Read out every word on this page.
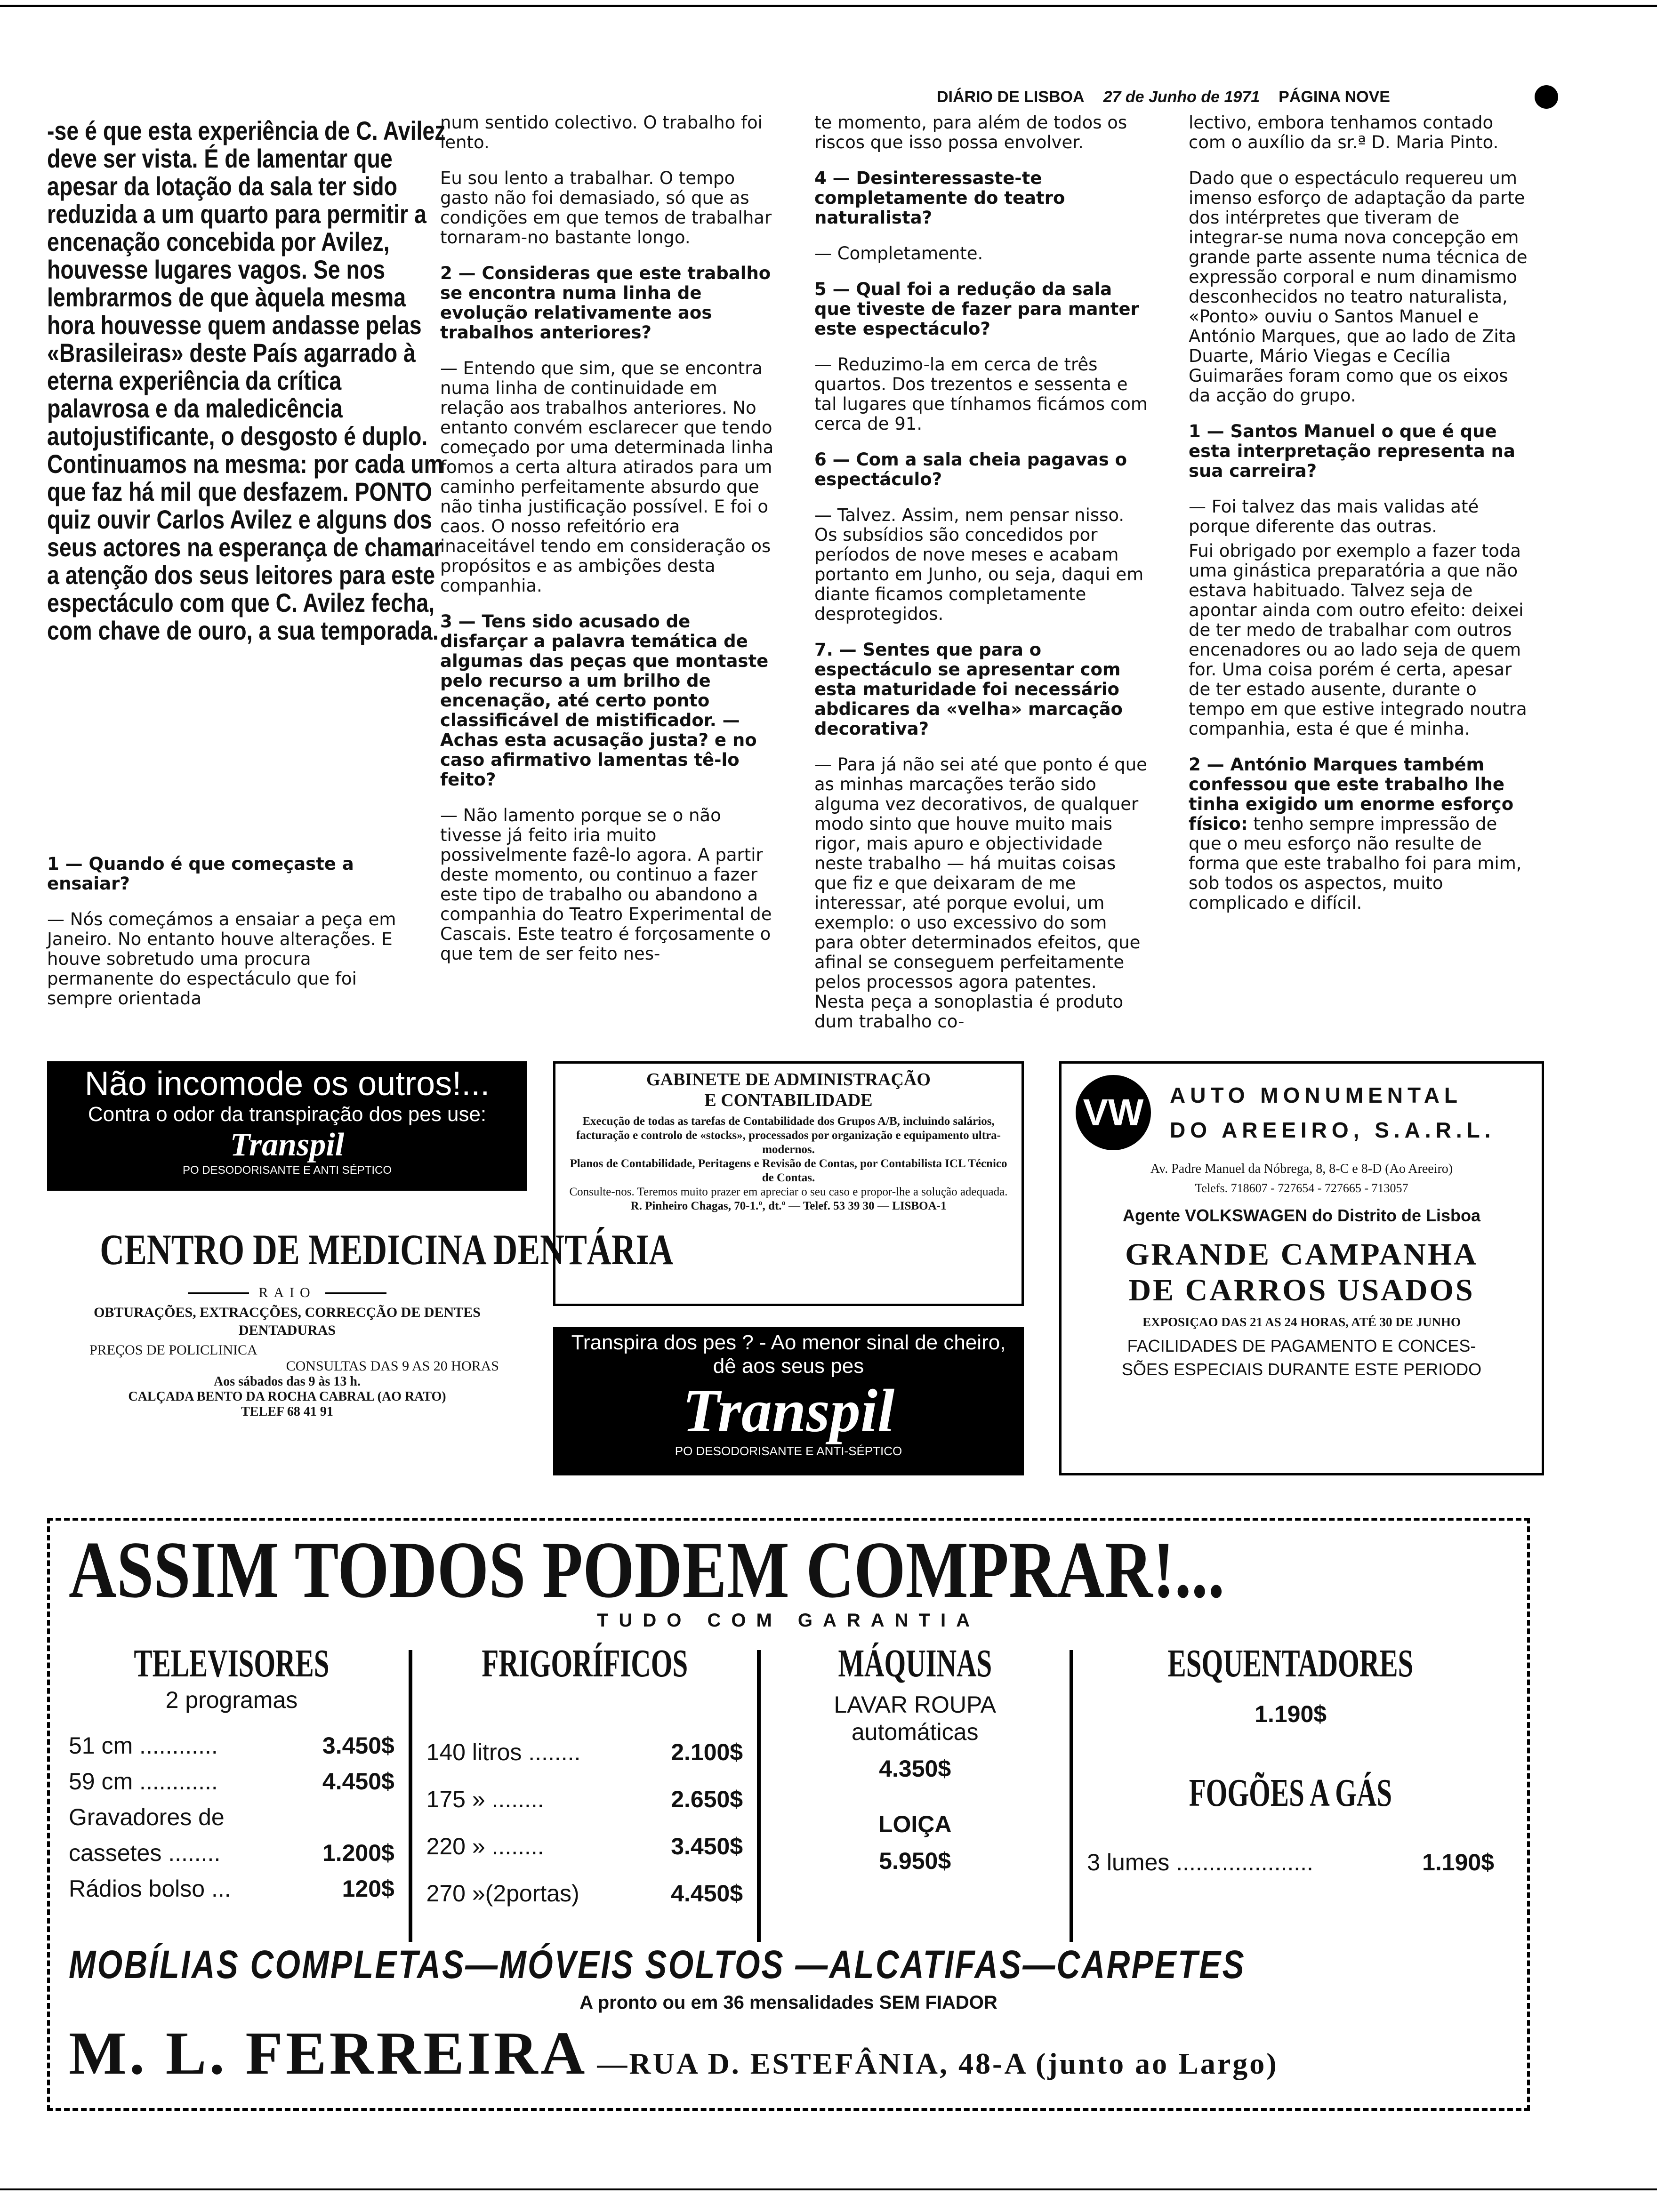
DIÁRIO DE LISBOA 27 de Junho de 1971 PÁGINA NOVE

-se é que esta experiência de C. Avilez deve ser vista. É de lamentar que apesar da lotação da sala ter sido reduzida a um quarto para permitir a encenação concebida por Avilez, houvesse lugares vagos. Se nos lembrarmos de que àquela mesma hora houvesse quem andasse pelas «Brasileiras» deste País agarrado à eterna experiência da crítica palavrosa e da maledicência autojustificante, o desgosto é duplo. Continuamos na mesma: por cada um que faz há mil que desfazem. PONTO quiz ouvir Carlos Avilez e alguns dos seus actores na esperança de chamar a atenção dos seus leitores para este espectáculo com que C. Avilez fecha, com chave de ouro, a sua temporada.

1 — Quando é que começaste a ensaiar?

— Nós começámos a ensaiar a peça em Janeiro. No entanto houve alterações. E houve sobretudo uma procura permanente do espectáculo que foi sempre orientada

num sentido colectivo. O trabalho foi lento.

Eu sou lento a trabalhar. O tempo gasto não foi demasiado, só que as condições em que temos de trabalhar tornaram-no bastante longo.

2 — Consideras que este trabalho se encontra numa linha de evolução relativamente aos trabalhos anteriores?

— Entendo que sim, que se encontra numa linha de continuidade em relação aos trabalhos anteriores. No entanto convém esclarecer que tendo começado por uma determinada linha fomos a certa altura atirados para um caminho perfeitamente absurdo que não tinha justificação possível. E foi o caos. O nosso refeitório era inaceitável tendo em consideração os propósitos e as ambições desta companhia.

3 — Tens sido acusado de disfarçar a palavra temática de algumas das peças que montaste pelo recurso a um brilho de encenação, até certo ponto classificável de mistificador. — Achas esta acusação justa? e no caso afirmativo lamentas tê-lo feito?

— Não lamento porque se o não tivesse já feito iria muito possivelmente fazê-lo agora. A partir deste momento, ou continuo a fazer este tipo de trabalho ou abandono a companhia do Teatro Experimental de Cascais. Este teatro é forçosamente o que tem de ser feito nes-

te momento, para além de todos os riscos que isso possa envolver.

4 — Desinteressaste-te completamente do teatro naturalista?

— Completamente.

5 — Qual foi a redução da sala que tiveste de fazer para manter este espectáculo?

— Reduzimo-la em cerca de três quartos. Dos trezentos e sessenta e tal lugares que tínhamos ficámos com cerca de 91.

6 — Com a sala cheia pagavas o espectáculo?

— Talvez. Assim, nem pensar nisso. Os subsídios são concedidos por períodos de nove meses e acabam portanto em Junho, ou seja, daqui em diante ficamos completamente desprotegidos.

7. — Sentes que para o espectáculo se apresentar com esta maturidade foi necessário abdicares da «velha» marcação decorativa?

— Para já não sei até que ponto é que as minhas marcações terão sido alguma vez decorativos, de qualquer modo sinto que houve muito mais rigor, mais apuro e objectividade neste trabalho — há muitas coisas que fiz e que deixaram de me interessar, até porque evolui, um exemplo: o uso excessivo do som para obter determinados efeitos, que afinal se conseguem perfeitamente pelos processos agora patentes. Nesta peça a sonoplastia é produto dum trabalho co-

lectivo, embora tenhamos contado com o auxílio da sr.ª D. Maria Pinto.

Dado que o espectáculo requereu um imenso esforço de adaptação da parte dos intérpretes que tiveram de integrar-se numa nova concepção em grande parte assente numa técnica de expressão corporal e num dinamismo desconhecidos no teatro naturalista, «Ponto» ouviu o Santos Manuel e António Marques, que ao lado de Zita Duarte, Mário Viegas e Cecília Guimarães foram como que os eixos da acção do grupo.

1 — Santos Manuel o que é que esta interpretação representa na sua carreira?

— Foi talvez das mais validas até porque diferente das outras.

Fui obrigado por exemplo a fazer toda uma ginástica preparatória a que não estava habituado. Talvez seja de apontar ainda com outro efeito: deixei de ter medo de trabalhar com outros encenadores ou ao lado seja de quem for. Uma coisa porém é certa, apesar de ter estado ausente, durante o tempo em que estive integrado noutra companhia, esta é que é minha.

2 — António Marques também confessou que este trabalho lhe tinha exigido um enorme esforço físico: tenho sempre impressão de que o meu esforço não resulte de forma que este trabalho foi para mim, sob todos os aspectos, muito complicado e difícil.

Não incomode os outros!...
Contra o odor da transpiração dos pes use:
Transpil
PO DESODORISANTE E ANTI SÉPTICO
CENTRO DE MEDICINA DENTÁRIA
RAIO
OBTURAÇÕES, EXTRACÇÕES, CORRECÇÃO DE DENTES DENTADURAS
PREÇOS DE POLICLINICA
CONSULTAS DAS 9 AS 20 HORAS
Aos sábados das 9 às 13 h.
CALÇADA BENTO DA ROCHA CABRAL (AO RATO)
TELEF 68 41 91
GABINETE DE ADMINISTRAÇÃO
E CONTABILIDADE
Execução de todas as tarefas de Contabilidade dos Grupos A/B, incluindo salários, facturação e controlo de «stocks», processados por organização e equipamento ultra-modernos.
Planos de Contabilidade, Peritagens e Revisão de Contas, por Contabilista ICL Técnico de Contas.
Consulte-nos. Teremos muito prazer em apreciar o seu caso e propor-lhe a solução adequada.
R. Pinheiro Chagas, 70-1.º, dt.º — Telef. 53 39 30 — LISBOA-1
Transpira dos pes ? - Ao menor sinal de cheiro, dê aos seus pes
Transpil
PO DESODORISANTE E ANTI-SÉPTICO
VW AUTO MONUMENTAL
DO AREEIRO, S.A.R.L.
Av. Padre Manuel da Nóbrega, 8, 8-C e 8-D (Ao Areeiro)
Telefs. 718607 - 727654 - 727665 - 713057
Agente VOLKSWAGEN do Distrito de Lisboa
GRANDE CAMPANHA
DE CARROS USADOS
EXPOSIÇAO DAS 21 AS 24 HORAS, ATÉ 30 DE JUNHO
FACILIDADES DE PAGAMENTO E CONCES-
SÕES ESPECIAIS DURANTE ESTE PERIODO
ASSIM TODOS PODEM COMPRAR!...
TUDO COM GARANTIA
TELEVISORES
2 programas
51 cm ............	3.450$
59 cm ............	4.450$
Gravadores de
cassetes ........	1.200$
Rádios bolso ...	120$
FRIGORÍFICOS
140 litros ........	2.100$
175 » ........	2.650$
220 » ........	3.450$
270 »(2portas)	4.450$
MÁQUINAS
LAVAR ROUPA
automáticas
4.350$
LOIÇA
5.950$
ESQUENTADORES
1.190$
FOGÕES A GÁS
3 lumes .....................	1.190$
MOBÍLIAS COMPLETAS—MÓVEIS SOLTOS —ALCATIFAS—CARPETES
A pronto ou em 36 mensalidades SEM FIADOR
M. L. FERREIRA —RUA D. ESTEFÂNIA, 48-A (junto ao Largo)
